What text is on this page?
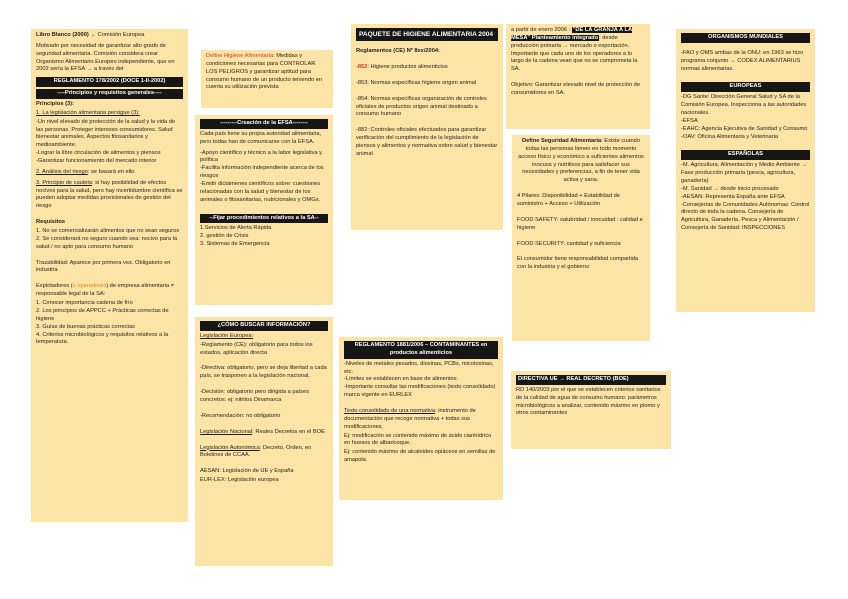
Libro Blanco (2000) ← Comisión Europea

Motivado por necesidad de garantizar alto grado de seguridad alimentaria. Comisión considera crear Organismo Alimentario Europeo independiente, que en 2002 sería la EFSA → a través del:

REGLAMENTO 178/2002 (DOCE 1-II-2002)
----Principios y requisitos generales----

Principios (3):

1. La legislación alimentaria persigue (3):

-Un nivel elevado de protección de la salud y la vida de las personas. Proteger intereses consumidores. Salud bienestar animales. Aspectos fitosanitarios y medioambiente.
-Lograr la libre circulación de alimentos y piensos
-Garantizar funcionamiento del mercado interior

2. Análisis del riesgo: se basará en ello

3. Principio de cautela: si hay posibilidad de efectos nocivos para la salud, pero hay incertidumbre científica se pueden adoptar medidas provisionales de gestión del riesgo

Requisitos

1. No se comercializarán alimentos que no sean seguros
2. Se considerará no seguro cuando sea: nocivo para la salud / no apto para consumo humano

Trazabilidad: Aparece por primera vez. Obligatorio en industria

Explotadores (u operadores) de empresa alimentaria = responsable legal de la SA:

1. Conocer importancia cadena de frío
2. Los principios de APPCC + Prácticas correctas de higiene
3. Guías de buenas prácticas correctas
4. Criterios microbiológicos y requisitos relativos a la temperatura.

Define Higiene Alimentaria: Medidas y condiciones necesarias para CONTROLAR LOS PELIGROS y garantizar aptitud para consumo humano de un producto teniendo en cuenta su utilización prevista

---------Creación de la EFSA--------

Cada país tiene su propia autoridad alimentaria, pero todas han de comunicarse con la EFSA.

-Apoyo científico y técnico a la labor legislativa y política
-Facilita información independiente acerca de los riesgos
-Emitir dictámenes científicos sobre: cuestiones relacionadas con la salud y bienestar de los animales o fitosanitarias, nutricionales y OMGs.

--Fijar procedimientos relativos a la SA--

1.Servicios de Alerta Rápida
2. gestión de Crisis
3. Sistemas de Emergencia

¿CÓMO BUSCAR INFORMACIÓN?

Legislación Europea:

-Reglamento (CE): obligatorio para todos los estados, aplicación directa

-Directiva: obligatorio, pero se deja libertad a cada país, se trasponen a la legislación nacional.

-Decisión: obligatorio pero dirigida a países concretos: ej: nitritos Dinamarca

-Recomendación: no obligatorio

Legislación Nacional: Reales Decretos en el BOE

Legislación Autonómica: Decreto, Orden, en Boletines de CCAA.

AESAN: Legislación de UE y España

EUR-LEX: Legislación europea

PAQUETE DE HIGIENE ALIMENTARIA 2004

Reglamentos (CE) Nº 8xx/2004:

-852: Higiene productos alimenticios

-853: Normas específicas higiene origen animal

-854: Normas específicas organización de controles oficiales de productos origen animal destinado a consumo humano

-882: Controles oficiales efectuados para garantizar verificación del cumplimiento de la legislación de piensos y alimentos y normativa sobre salud y bienestar animal

REGLAMENTO 1881/2006 – CONTAMINANTES en productos alimenticios

-Niveles de metales pesados, dioxinas, PCBs, micotoxinas, etc.
-Límites se establecen en base de alimentos
-Importante consultar las modificaciones (texto consolidado) marca vigente en EURLEX

Texto consolidado de una normativa: instrumento de documentación que recoge normativa + todas sus modificaciones.

Ej: modificación se contenido máximo de ácido cianhídrico en huesos de albaricoque.

Ej: contenido máximo de alcaloides opiáceos en semillas de amapola.

a partir de enero 2006 : "DE LA GRANJA A LA MESA" Planteamiento integrado: desde producción primaria → mercado o exportación. Importante que cada uno de los operadores a lo largo de la cadena vean que no se comprometa la SA.

Objetivo: Garantizar elevado nivel de protección de consumidores en SA.

Define Seguridad Alimentaria: Existe cuando todas las personas tienen en todo momento acceso físico y económico a suficientes alimentos inocuos y nutritivos para satisfacer sus necesidades y preferencias, a fin de tener vida activa y sana.

4 Pilares: Disponibilidad + Estabilidad de suministro + Acceso + Utilización

FOOD SAFETY: salubridad / inocuidad : calidad e higiene

FOOD SECURITY: cantidad y suficiencia

El consumidor tiene responsabilidad compartida con la industria y el gobierno

DIRECTIVA UE → REAL DECRETO (BOE)

RD 140/2003 por el que se establecen criterios sanitarios de la calidad de agua de consumo humano: parámetros microbiológicos a analizar, contenido máximo en plomo y otros contaminantes

ORGANISMOS MUNDIALES

-FAO y OMS ambas de la ONU: en 1963 se hizo programa conjunto → CODEX ALIMENTARIUS normas alimentarias.

EUROPEAS

-DG Sante: Dirección General Salud y SA de la Comisión Europea. Inspecciona a las autoridades nacionales.
-EFSA
-EAHC: Agencia Ejecutiva de Sanidad y Consumo
-OAV: Oficina Alimentaria y Veterinaria

ESPAÑOLAS

-M. Agricultura, Alimentación y Medio Ambiente → Fase producción primaria (pesca, agricultura, ganadería)
-M. Sanidad → desde inicio procesado
-AESAN: Representa España ante EFSA
-Consejerías de Comunidades Autónomas: Control directo de toda la cadena. Consejería de Agricultura, Ganadería, Pesca y Alimentación / Consejería de Sanidad: INSPECCIONES
